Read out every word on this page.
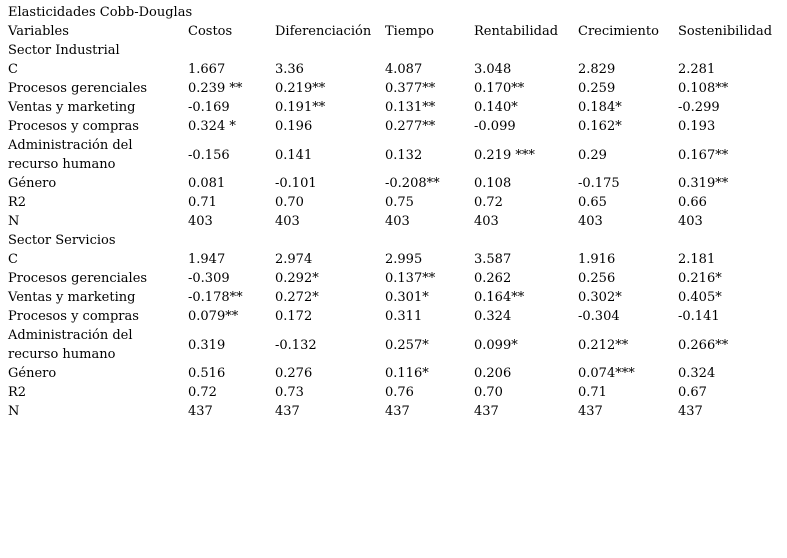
Elasticidades Cobb-Douglas
Variables	Costos	Diferenciación	Tiempo	Rentabilidad	Crecimiento	Sostenibilidad
Sector Industrial						
C	1.667	3.36	4.087	3.048	2.829	2.281
Procesos gerenciales	0.239 **	0.219**	0.377**	0.170**	0.259	0.108**
Ventas y marketing	-0.169	0.191**	0.131**	0.140*	0.184*	-0.299
Procesos y compras	0.324 *	0.196	0.277**	-0.099	0.162*	0.193
Administración del recurso humano	-0.156	0.141	0.132	0.219 ***	0.29	0.167**
Género	0.081	-0.101	-0.208**	0.108	-0.175	0.319**
R2	0.71	0.70	0.75	0.72	0.65	0.66
N	403	403	403	403	403	403
Sector Servicios						
C	1.947	2.974	2.995	3.587	1.916	2.181
Procesos gerenciales	-0.309	0.292*	0.137**	0.262	0.256	0.216*
Ventas y marketing	-0.178**	0.272*	0.301*	0.164**	0.302*	0.405*
Procesos y compras	0.079**	0.172	0.311	0.324	-0.304	-0.141
Administración del recurso humano	0.319	-0.132	0.257*	0.099*	0.212**	0.266**
Género	0.516	0.276	0.116*	0.206	0.074***	0.324
R2	0.72	0.73	0.76	0.70	0.71	0.67
N	437	437	437	437	437	437
